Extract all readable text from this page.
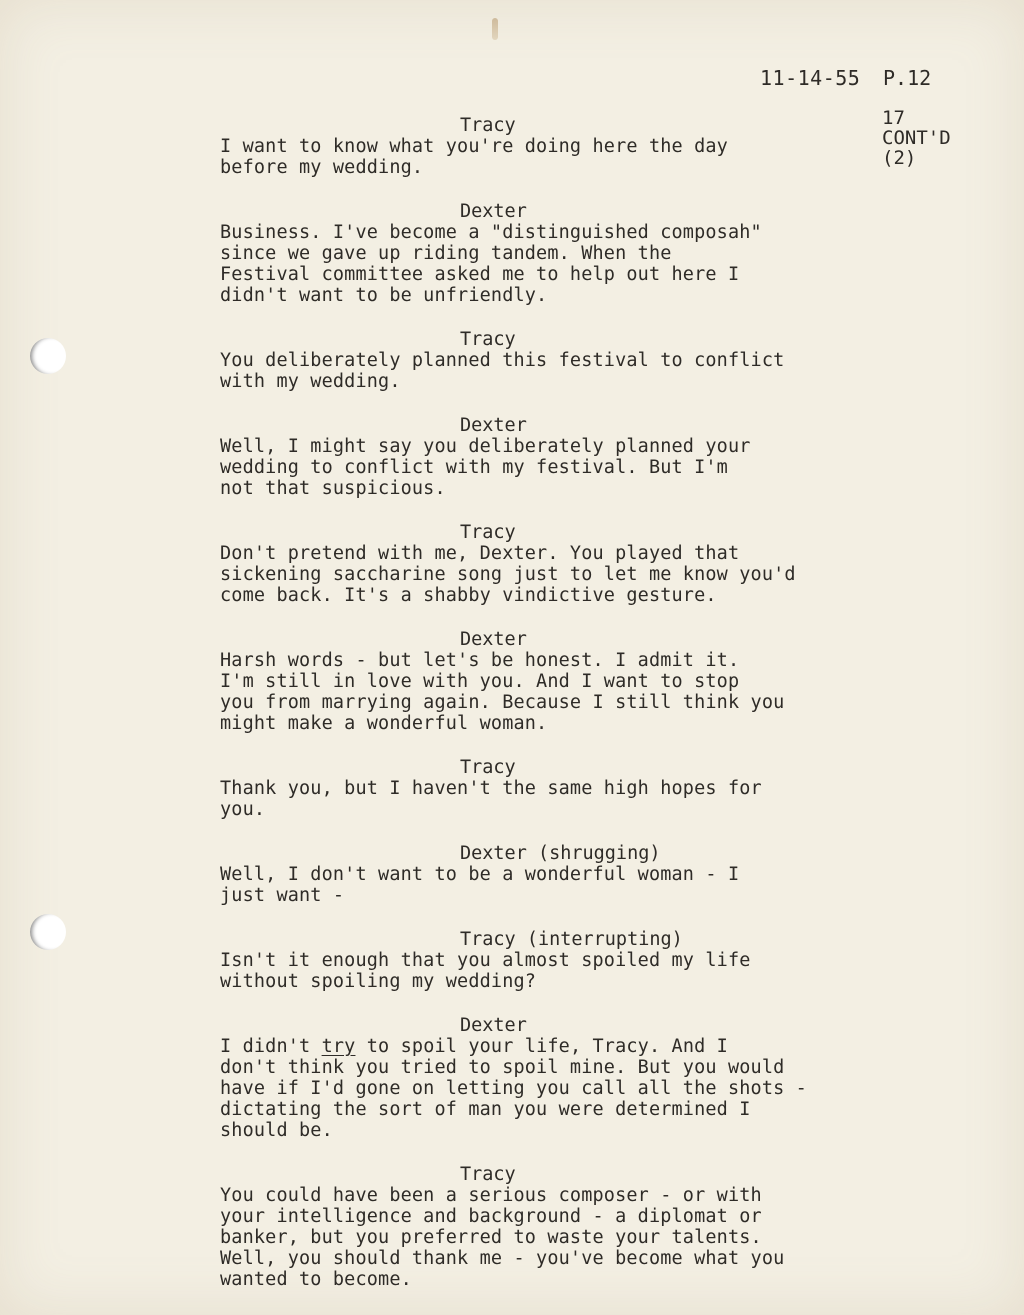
11-14-55 P.12
17
CONT'D
(2)
Tracy
I want to know what you're doing here the day
before my wedding.
Dexter
Business. I've become a "distinguished composah"
since we gave up riding tandem. When the
Festival committee asked me to help out here I
didn't want to be unfriendly.
Tracy
You deliberately planned this festival to conflict
with my wedding.
Dexter
Well, I might say you deliberately planned your
wedding to conflict with my festival. But I'm
not that suspicious.
Tracy
Don't pretend with me, Dexter. You played that
sickening saccharine song just to let me know you'd
come back. It's a shabby vindictive gesture.
Dexter
Harsh words - but let's be honest. I admit it.
I'm still in love with you. And I want to stop
you from marrying again. Because I still think you
might make a wonderful woman.
Tracy
Thank you, but I haven't the same high hopes for
you.
Dexter (shrugging)
Well, I don't want to be a wonderful woman - I
just want -
Tracy (interrupting)
Isn't it enough that you almost spoiled my life
without spoiling my wedding?
Dexter
I didn't try to spoil your life, Tracy. And I
don't think you tried to spoil mine. But you would
have if I'd gone on letting you call all the shots -
dictating the sort of man you were determined I
should be.
Tracy
You could have been a serious composer - or with
your intelligence and background - a diplomat or
banker, but you preferred to waste your talents.
Well, you should thank me - you've become what you
wanted to become.
